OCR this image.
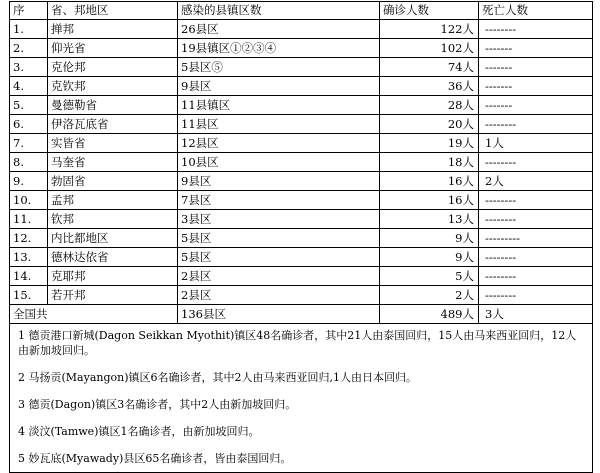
序	省、邦地区	感染的县镇区数	确诊人数	死亡人数
1.	掸邦	26县区	122人	--------
2.	仰光省	19县镇区①②③④	102人	-------
3.	克伦邦	5县区⑤	74人	-------
4.	克钦邦	9县区	36人	-------
5.	曼德勒省	11县镇区	28人	-------
6.	伊洛瓦底省	11县区	20人	--------
7.	实皆省	12县区	19人	1人
8.	马奎省	10县区	18人	--------
9.	勃固省	9县区	16人	2人
10.	孟邦	7县区	16人	--------
11.	钦邦	3县区	13人	--------
12.	内比都地区	5县区	9人	---------
13.	德林达依省	5县区	9人	--------
14.	克耶邦	2县区	5人	--------
15.	若开邦	2县区	2人	--------
全国共		136县区	489人	3人

1 德贡港口新城(Dagon Seikkan Myothit)镇区48名确诊者，其中21人由泰国回归，15人由马来西亚回归，12人由新加坡回归。
2 马扬贡(Mayangon)镇区6名确诊者，其中2人由马来西亚回归,1人由日本回归。
3 德贡(Dagon)镇区3名确诊者，其中2人由新加坡回归。
4 淡汶(Tamwe)镇区1名确诊者，由新加坡回归。
5 妙瓦底(Myawady)县区65名确诊者，皆由泰国回归。				
